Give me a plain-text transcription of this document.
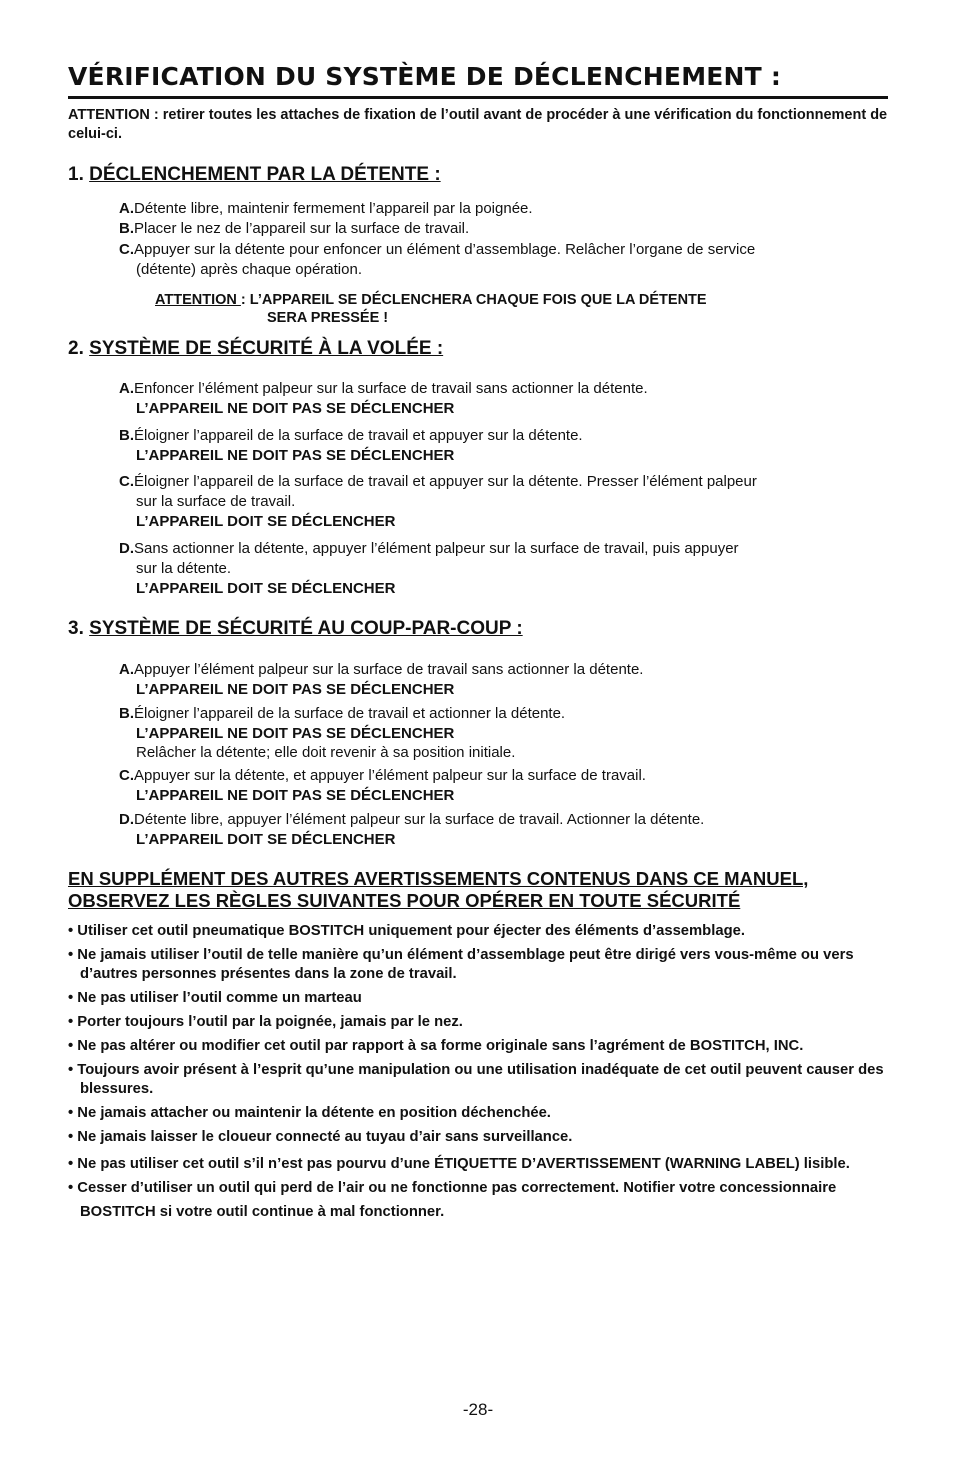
VÉRIFICATION DU SYSTÈME DE DÉCLENCHEMENT :

ATTENTION : retirer toutes les attaches de fixation de l’outil avant de procéder à une vérification du fonctionnement de celui-ci.

1. DÉCLENCHEMENT PAR LA DÉTENTE :
A.Détente libre, maintenir fermement l’appareil par la poignée.
B.Placer le nez de l’appareil sur la surface de travail.
C.Appuyer sur la détente pour enfoncer un élément d’assemblage. Relâcher l’organe de service
(détente) après chaque opération.
ATTENTION : L’APPAREIL SE DÉCLENCHERA CHAQUE FOIS QUE LA DÉTENTE
SERA PRESSÉE !
2. SYSTÈME DE SÉCURITÉ À LA VOLÉE :
A.Enfoncer l’élément palpeur sur la surface de travail sans actionner la détente.
L’APPAREIL NE DOIT PAS SE DÉCLENCHER
B.Éloigner l’appareil de la surface de travail et appuyer sur la détente.
L’APPAREIL NE DOIT PAS SE DÉCLENCHER
C.Éloigner l’appareil de la surface de travail et appuyer sur la détente. Presser l’élément palpeur
sur la surface de travail.
L’APPAREIL DOIT SE DÉCLENCHER
D.Sans actionner la détente, appuyer l’élément palpeur sur la surface de travail, puis appuyer
sur la détente.
L’APPAREIL DOIT SE DÉCLENCHER
3. SYSTÈME DE SÉCURITÉ AU COUP-PAR-COUP :
A.Appuyer l’élément palpeur sur la surface de travail sans actionner la détente.
L’APPAREIL NE DOIT PAS SE DÉCLENCHER
B.Éloigner l’appareil de la surface de travail et actionner la détente.
L’APPAREIL NE DOIT PAS SE DÉCLENCHER
Relâcher la détente; elle doit revenir à sa position initiale.
C.Appuyer sur la détente, et appuyer l’élément palpeur sur la surface de travail.
L’APPAREIL NE DOIT PAS SE DÉCLENCHER
D.Détente libre, appuyer l’élément palpeur sur la surface de travail. Actionner la détente.
L’APPAREIL DOIT SE DÉCLENCHER
EN SUPPLÉMENT DES AUTRES AVERTISSEMENTS CONTENUS DANS CE MANUEL,
OBSERVEZ LES RÈGLES SUIVANTES POUR OPÉRER EN TOUTE SÉCURITÉ
• Utiliser cet outil pneumatique BOSTITCH uniquement pour éjecter des éléments d’assemblage.
• Ne jamais utiliser l’outil de telle manière qu’un élément d’assemblage peut être dirigé vers vous-même ou vers d’autres personnes présentes dans la zone de travail.
• Ne pas utiliser l’outil comme un marteau
• Porter toujours l’outil par la poignée, jamais par le nez.
• Ne pas altérer ou modifier cet outil par rapport à sa forme originale sans l’agrément de BOSTITCH, INC.
• Toujours avoir présent à l’esprit qu’une manipulation ou une utilisation inadéquate de cet outil peuvent causer des blessures.
• Ne jamais attacher ou maintenir la détente en position déchenchée.
• Ne jamais laisser le cloueur connecté au tuyau d’air sans surveillance.
• Ne pas utiliser cet outil s’il n’est pas pourvu d’une ÉTIQUETTE D’AVERTISSEMENT (WARNING LABEL) lisible.
• Cesser d’utiliser un outil qui perd de l’air ou ne fonctionne pas correctement. Notifier votre concessionnaire BOSTITCH si votre outil continue à mal fonctionner.
-28-
